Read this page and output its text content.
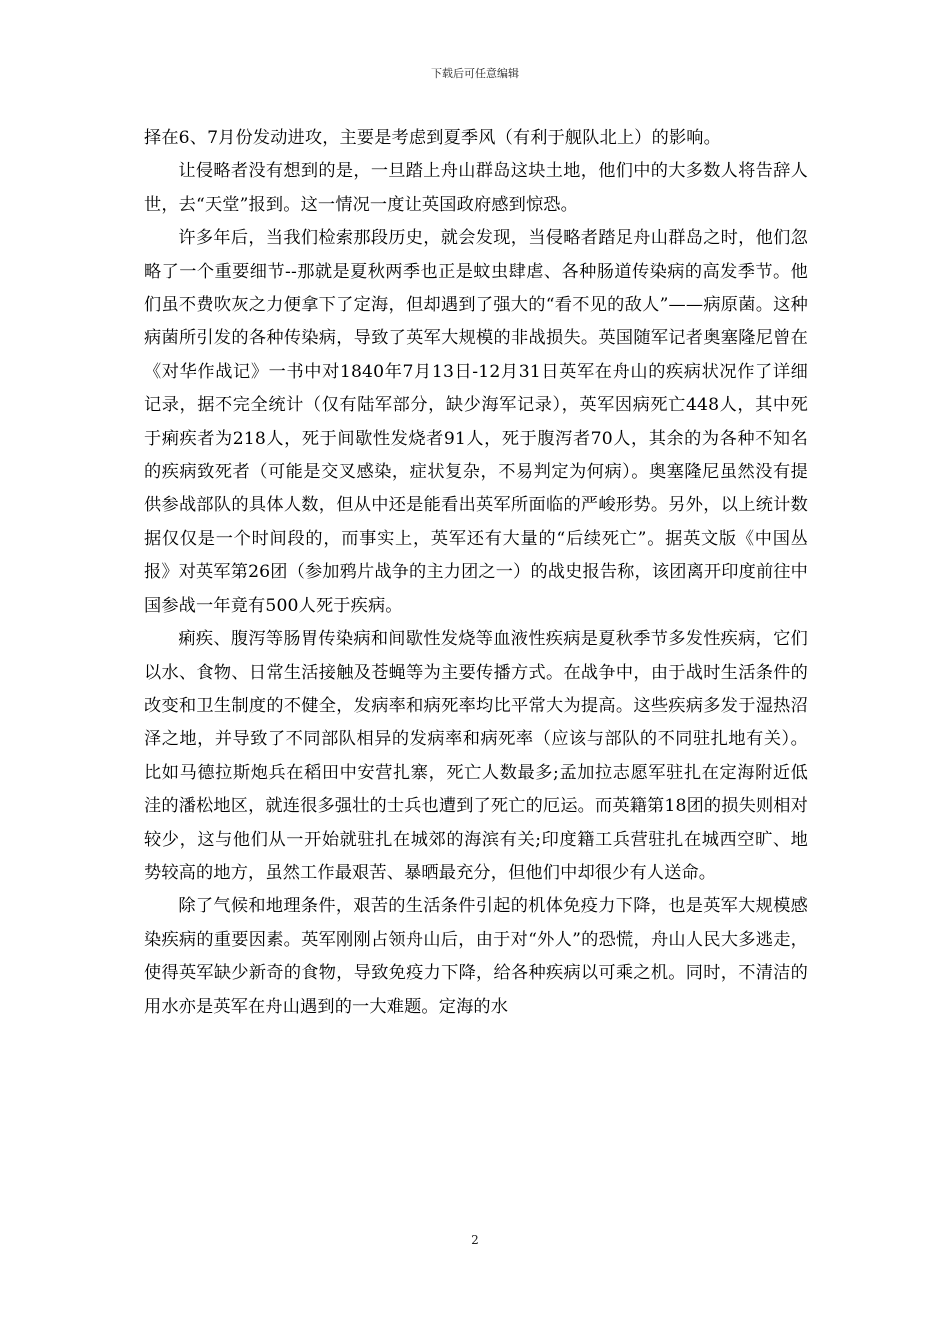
下载后可任意编辑

择在6、7月份发动进攻，主要是考虑到夏季风（有利于舰队北上）的影响。

让侵略者没有想到的是，一旦踏上舟山群岛这块土地，他们中的大多数人将告辞人世，去“天堂”报到。这一情况一度让英国政府感到惊恐。

许多年后，当我们检索那段历史，就会发现，当侵略者踏足舟山群岛之时，他们忽略了一个重要细节--那就是夏秋两季也正是蚊虫肆虐、各种肠道传染病的高发季节。他们虽不费吹灰之力便拿下了定海，但却遇到了强大的“看不见的敌人”——病原菌。这种病菌所引发的各种传染病，导致了英军大规模的非战损失。英国随军记者奥塞隆尼曾在《对华作战记》一书中对1840年7月13日-12月31日英军在舟山的疾病状况作了详细记录，据不完全统计（仅有陆军部分，缺少海军记录），英军因病死亡448人，其中死于痢疾者为218人，死于间歇性发烧者91人，死于腹泻者70人，其余的为各种不知名的疾病致死者（可能是交叉感染，症状复杂，不易判定为何病）。奥塞隆尼虽然没有提供参战部队的具体人数，但从中还是能看出英军所面临的严峻形势。另外，以上统计数据仅仅是一个时间段的，而事实上，英军还有大量的“后续死亡”。据英文版《中国丛报》对英军第26团（参加鸦片战争的主力团之一）的战史报告称，该团离开印度前往中国参战一年竟有500人死于疾病。

痢疾、腹泻等肠胃传染病和间歇性发烧等血液性疾病是夏秋季节多发性疾病，它们以水、食物、日常生活接触及苍蝇等为主要传播方式。在战争中，由于战时生活条件的改变和卫生制度的不健全，发病率和病死率均比平常大为提高。这些疾病多发于湿热沼泽之地，并导致了不同部队相异的发病率和病死率（应该与部队的不同驻扎地有关）。比如马德拉斯炮兵在稻田中安营扎寨，死亡人数最多;孟加拉志愿军驻扎在定海附近低洼的潘松地区，就连很多强壮的士兵也遭到了死亡的厄运。而英籍第18团的损失则相对较少，这与他们从一开始就驻扎在城郊的海滨有关;印度籍工兵营驻扎在城西空旷、地势较高的地方，虽然工作最艰苦、暴晒最充分，但他们中却很少有人送命。

除了气候和地理条件，艰苦的生活条件引起的机体免疫力下降，也是英军大规模感染疾病的重要因素。英军刚刚占领舟山后，由于对“外人”的恐慌，舟山人民大多逃走，使得英军缺少新奇的食物，导致免疫力下降，给各种疾病以可乘之机。同时，不清洁的用水亦是英军在舟山遇到的一大难题。定海的水

2
